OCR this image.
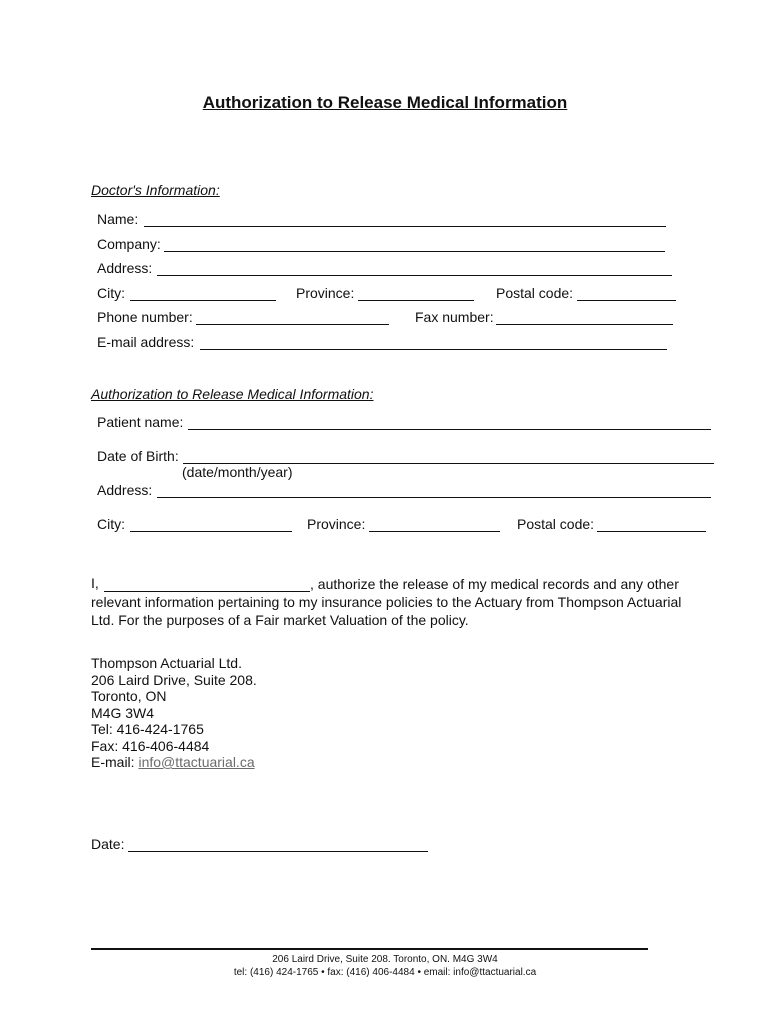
Authorization to Release Medical Information
Doctor's Information:
Name:
Company:
Address:
City:	Province:	Postal code:
Phone number:	Fax number:
E-mail address:
Authorization to Release Medical Information:
Patient name:
Date of Birth:
(date/month/year)
Address:
City:	Province:	Postal code:
I,	, authorize the release of my medical records and any other relevant information pertaining to my insurance policies to the Actuary from Thompson Actuarial Ltd. For the purposes of a Fair market Valuation of the policy.
Thompson Actuarial Ltd.
206 Laird Drive, Suite 208.
Toronto, ON
M4G 3W4
Tel: 416-424-1765
Fax: 416-406-4484
E-mail: info@ttactuarial.ca
Date:
206 Laird Drive, Suite 208. Toronto, ON. M4G 3W4
tel: (416) 424-1765 • fax: (416) 406-4484 • email: info@ttactuarial.ca
